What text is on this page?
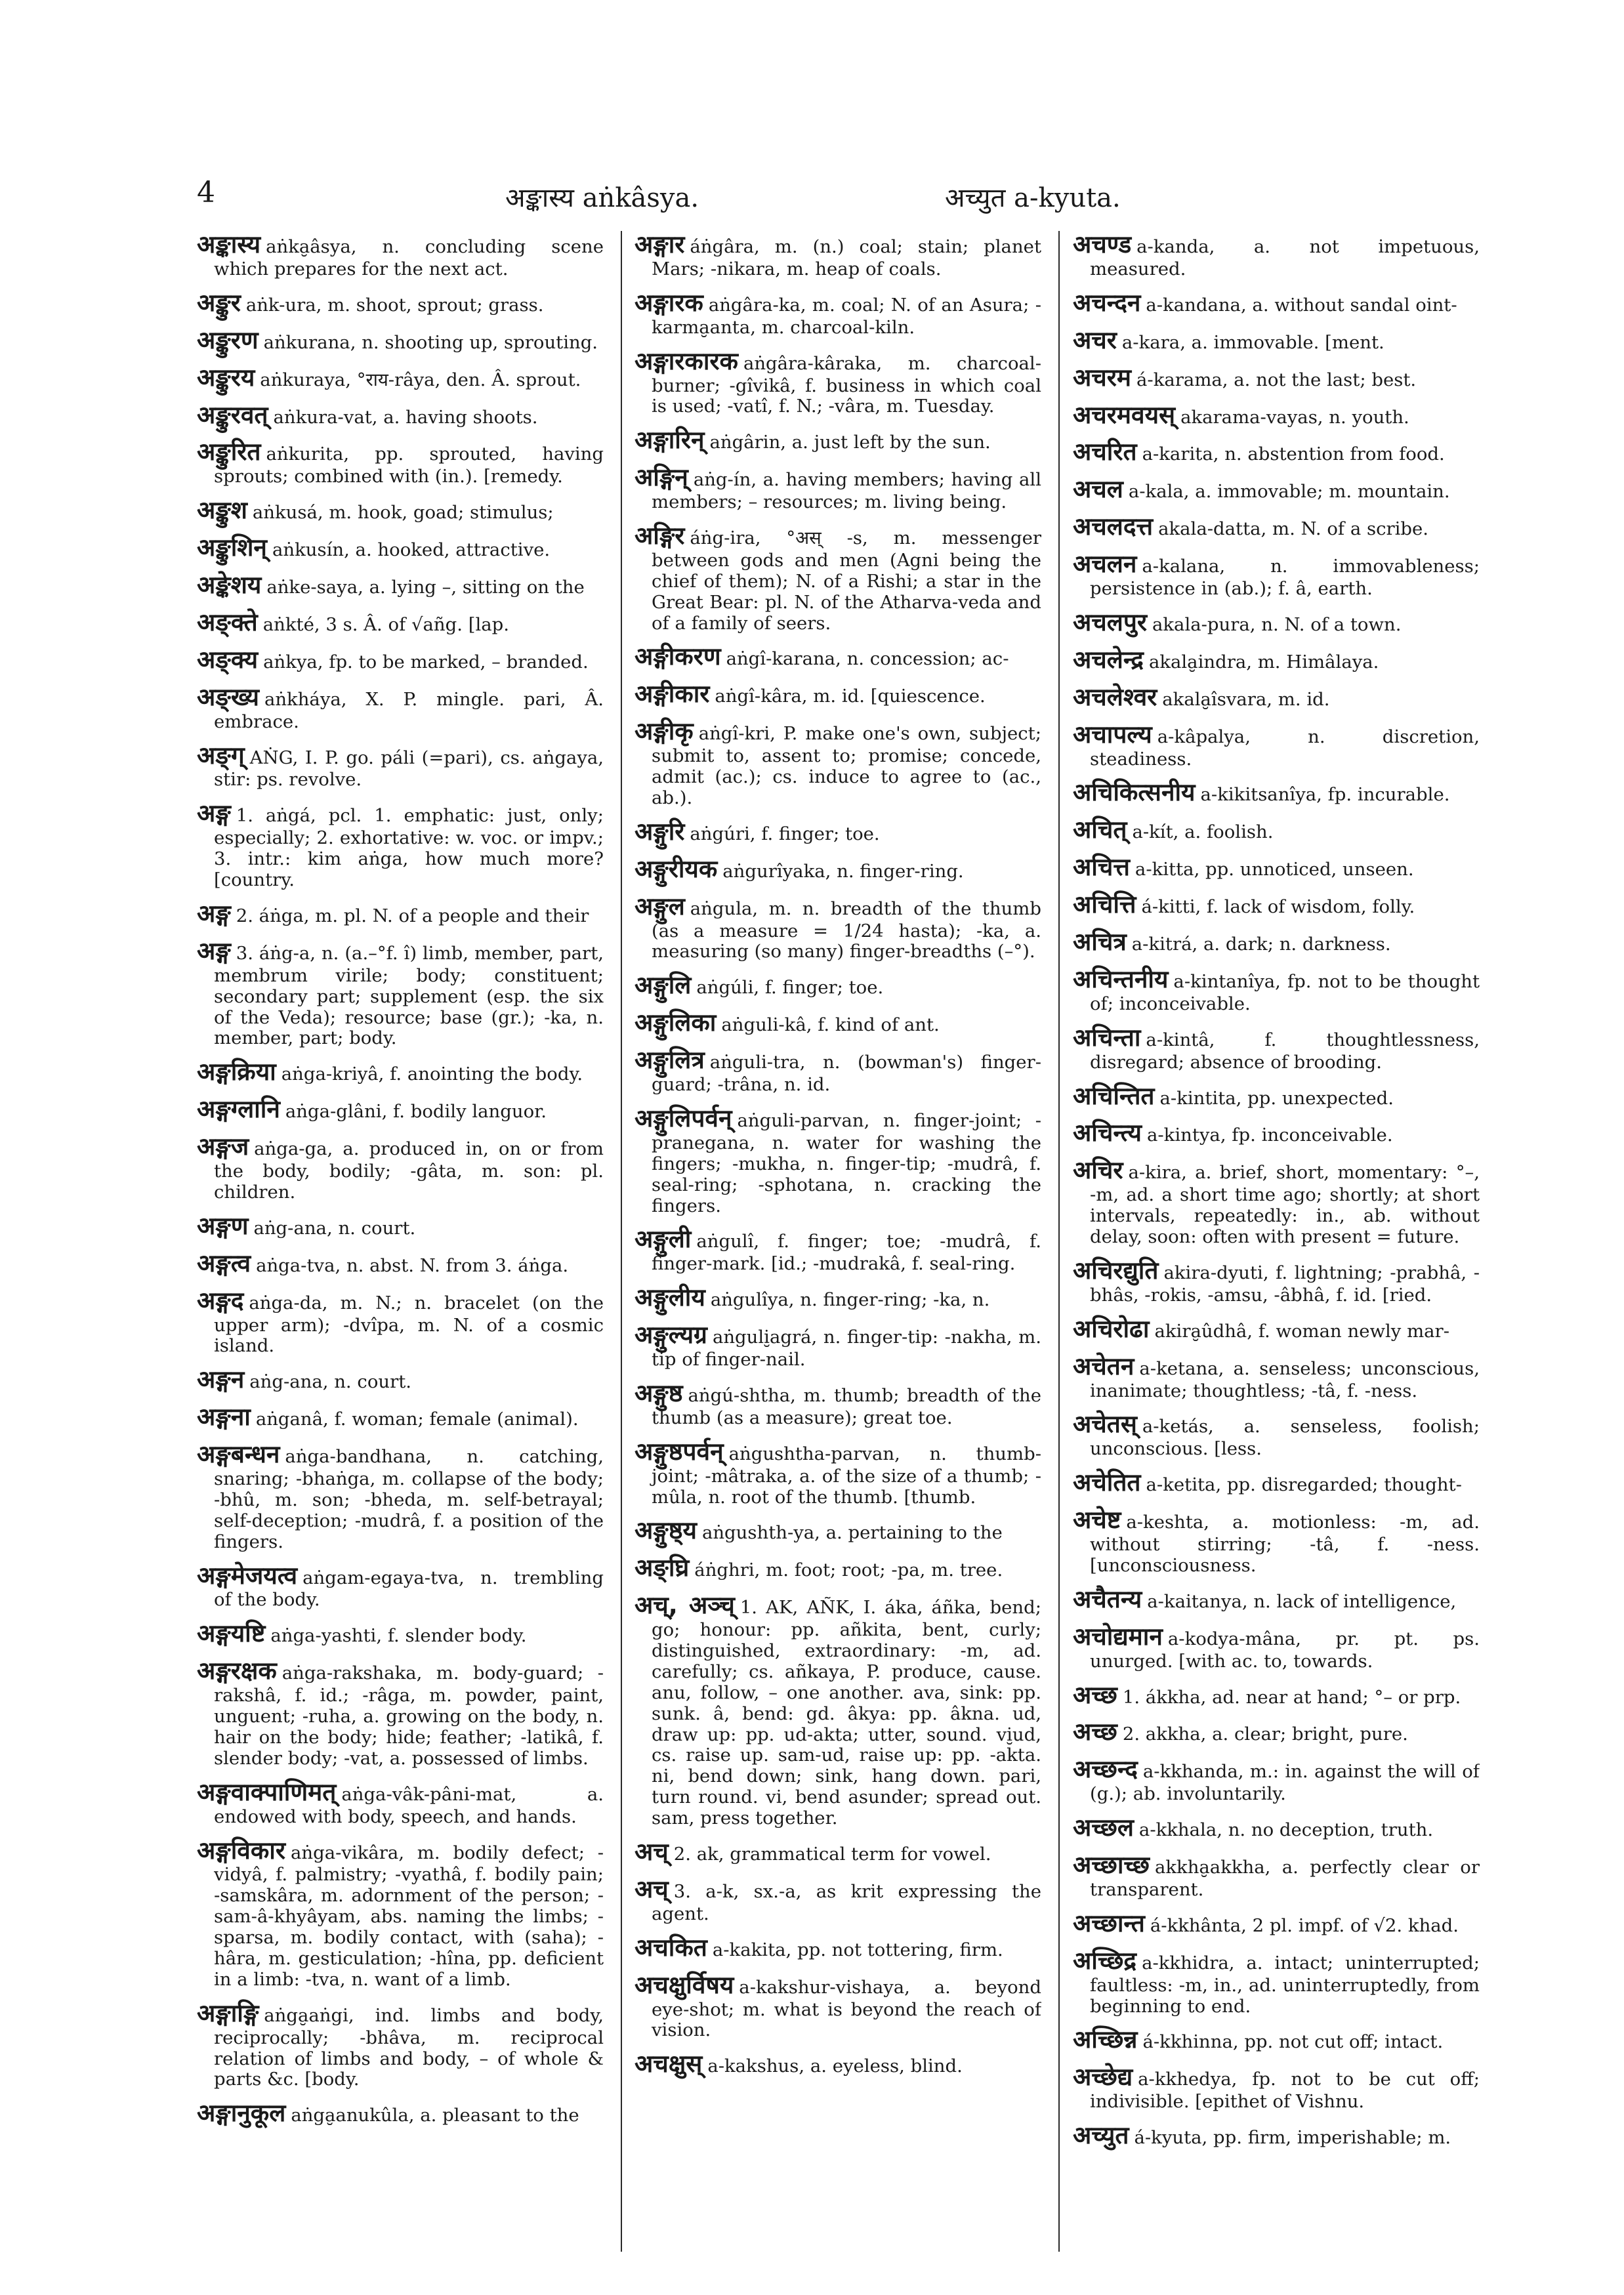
4	अङ्कास्य aṅkâsya.	अच्युत a-kyuta.

अङ्कास्य aṅka̮âsya, n. concluding scene which prepares for the next act.

अङ्कुर aṅk-ura, m. shoot, sprout; grass.

अङ्कुरण aṅkurana, n. shooting up, sprouting.

अङ्कुरय aṅkuraya, °राय-râya, den. Â. sprout.

अङ्कुरवत् aṅkura-vat, a. having shoots.

अङ्कुरित aṅkurita, pp. sprouted, having sprouts; combined with (in.). [remedy.

अङ्कुश aṅkusá, m. hook, goad; stimulus;

अङ्कुशिन् aṅkusín, a. hooked, attractive.

अङ्केशय aṅke-saya, a. lying –, sitting on the

अङ्क्ते aṅkté, 3 s. Â. of √añg. [lap.

अङ्क्य aṅkya, fp. to be marked, – branded.

अङ्ख्य aṅkháya, X. P. mingle. pari, Â. embrace.

अङ्ग् AṄG, I. P. go. páli (=pari), cs. aṅgaya, stir: ps. revolve.

अङ्ग 1. aṅgá, pcl. 1. emphatic: just, only; especially; 2. exhortative: w. voc. or impv.; 3. intr.: kim aṅga, how much more? [country.

अङ्ग 2. áṅga, m. pl. N. of a people and their

अङ्ग 3. áṅg-a, n. (a.–°f. î) limb, member, part, membrum virile; body; constituent; secondary part; supplement (esp. the six of the Veda); resource; base (gr.); -ka, n. member, part; body.

अङ्गक्रिया aṅga-kriyâ, f. anointing the body.

अङ्गग्लानि aṅga-glâni, f. bodily languor.

अङ्गज aṅga-ga, a. produced in, on or from the body, bodily; -gâta, m. son: pl. children.

अङ्गण aṅg-ana, n. court.

अङ्गत्व aṅga-tva, n. abst. N. from 3. áṅga.

अङ्गद aṅga-da, m. N.; n. bracelet (on the upper arm); -dvîpa, m. N. of a cosmic island.

अङ्गन aṅg-ana, n. court.

अङ्गना aṅganâ, f. woman; female (animal).

अङ्गबन्धन aṅga-bandhana, n. catching, snaring; -bhaṅga, m. collapse of the body; -bhû, m. son; -bheda, m. self-betrayal; self-deception; -mudrâ, f. a position of the fingers.

अङ्गमेजयत्व aṅgam-egaya-tva, n. trembling of the body.

अङ्गयष्टि aṅga-yashti, f. slender body.

अङ्गरक्षक aṅga-rakshaka, m. body-guard; -rakshâ, f. id.; -râga, m. powder, paint, unguent; -ruha, a. growing on the body, n. hair on the body; hide; feather; -latikâ, f. slender body; -vat, a. possessed of limbs.

अङ्गवाक्पाणिमत् aṅga-vâk-pâni-mat, a. endowed with body, speech, and hands.

अङ्गविकार aṅga-vikâra, m. bodily defect; -vidyâ, f. palmistry; -vyathâ, f. bodily pain; -samskâra, m. adornment of the person; -sam-â-khyâyam, abs. naming the limbs; -sparsa, m. bodily contact, with (saha); -hâra, m. gesticulation; -hîna, pp. deficient in a limb: -tva, n. want of a limb.

अङ्गाङ्गि aṅga̮aṅgi, ind. limbs and body, reciprocally; -bhâva, m. reciprocal relation of limbs and body, – of whole & parts &c. [body.

अङ्गानुकूल aṅga̮anukûla, a. pleasant to the

अङ्गार áṅgâra, m. (n.) coal; stain; planet Mars; -nikara, m. heap of coals.

अङ्गारक aṅgâra-ka, m. coal; N. of an Asura; -karma̮anta, m. charcoal-kiln.

अङ्गारकारक aṅgâra-kâraka, m. charcoal-burner; -gîvikâ, f. business in which coal is used; -vatî, f. N.; -vâra, m. Tuesday.

अङ्गारिन् aṅgârin, a. just left by the sun.

अङ्गिन् aṅg-ín, a. having members; having all members; – resources; m. living being.

अङ्गिर áṅg-ira, °अस् -s, m. messenger between gods and men (Agni being the chief of them); N. of a Rishi; a star in the Great Bear: pl. N. of the Atharva-veda and of a family of seers.

अङ्गीकरण aṅgî-karana, n. concession; ac-

अङ्गीकार aṅgî-kâra, m. id. [quiescence.

अङ्गीकृ aṅgî-kri, P. make one's own, subject; submit to, assent to; promise; concede, admit (ac.); cs. induce to agree to (ac., ab.).

अङ्गुरि aṅgúri, f. finger; toe.

अङ्गुरीयक aṅgurîyaka, n. finger-ring.

अङ्गुल aṅgula, m. n. breadth of the thumb (as a measure = 1/24 hasta); -ka, a. measuring (so many) finger-breadths (–°).

अङ्गुलि aṅgúli, f. finger; toe.

अङ्गुलिका aṅguli-kâ, f. kind of ant.

अङ्गुलित्र aṅguli-tra, n. (bowman's) finger-guard; -trâna, n. id.

अङ्गुलिपर्वन् aṅguli-parvan, n. finger-joint; -pranegana, n. water for washing the fingers; -mukha, n. finger-tip; -mudrâ, f. seal-ring; -sphotana, n. cracking the fingers.

अङ्गुली aṅgulî, f. finger; toe; -mudrâ, f. finger-mark. [id.; -mudrakâ, f. seal-ring.

अङ्गुलीय aṅgulîya, n. finger-ring; -ka, n.

अङ्गुल्यग्र aṅguli̮agrá, n. finger-tip: -nakha, m. tip of finger-nail.

अङ्गुष्ठ aṅgú-shtha, m. thumb; breadth of the thumb (as a measure); great toe.

अङ्गुष्ठपर्वन् aṅgushtha-parvan, n. thumb-joint; -mâtraka, a. of the size of a thumb; -mûla, n. root of the thumb. [thumb.

अङ्गुष्ठ्य aṅgushth-ya, a. pertaining to the

अङ्घ्रि áṅghri, m. foot; root; -pa, m. tree.

अच्, अञ्च् 1. AK, AÑK, I. áka, áñka, bend; go; honour: pp. añkita, bent, curly; distinguished, extraordinary: -m, ad. carefully; cs. añkaya, P. produce, cause. anu, follow, – one another. ava, sink: pp. sunk. â, bend: gd. âkya: pp. âkna. ud, draw up: pp. ud-akta; utter, sound. vi̮ud, cs. raise up. sam-ud, raise up: pp. -akta. ni, bend down; sink, hang down. pari, turn round. vi, bend asunder; spread out. sam, press together.

अच् 2. ak, grammatical term for vowel.

अच् 3. a-k, sx.-a, as krit expressing the agent.

अचकित a-kakita, pp. not tottering, firm.

अचक्षुर्विषय a-kakshur-vishaya, a. beyond eye-shot; m. what is beyond the reach of vision.

अचक्षुस् a-kakshus, a. eyeless, blind.

अचण्ड a-kanda, a. not impetuous, measured.

अचन्दन a-kandana, a. without sandal oint-

अचर a-kara, a. immovable. [ment.

अचरम á-karama, a. not the last; best.

अचरमवयस् akarama-vayas, n. youth.

अचरित a-karita, n. abstention from food.

अचल a-kala, a. immovable; m. mountain.

अचलदत्त akala-datta, m. N. of a scribe.

अचलन a-kalana, n. immovableness; persistence in (ab.); f. â, earth.

अचलपुर akala-pura, n. N. of a town.

अचलेन्द्र akala̮indra, m. Himâlaya.

अचलेश्वर akala̮îsvara, m. id.

अचापल्य a-kâpalya, n. discretion, steadiness.

अचिकित्सनीय a-kikitsanîya, fp. incurable.

अचित् a-kít, a. foolish.

अचित्त a-kitta, pp. unnoticed, unseen.

अचित्ति á-kitti, f. lack of wisdom, folly.

अचित्र a-kitrá, a. dark; n. darkness.

अचिन्तनीय a-kintanîya, fp. not to be thought of; inconceivable.

अचिन्ता a-kintâ, f. thoughtlessness, disregard; absence of brooding.

अचिन्तित a-kintita, pp. unexpected.

अचिन्त्य a-kintya, fp. inconceivable.

अचिर a-kira, a. brief, short, momentary: °–, -m, ad. a short time ago; shortly; at short intervals, repeatedly: in., ab. without delay, soon: often with present = future.

अचिरद्युति akira-dyuti, f. lightning; -prabhâ, -bhâs, -rokis, -amsu, -âbhâ, f. id. [ried.

अचिरोढा akira̮ûdhâ, f. woman newly mar-

अचेतन a-ketana, a. senseless; unconscious, inanimate; thoughtless; -tâ, f. -ness.

अचेतस् a-ketás, a. senseless, foolish; unconscious. [less.

अचेतित a-ketita, pp. disregarded; thought-

अचेष्ट a-keshta, a. motionless: -m, ad. without stirring; -tâ, f. -ness. [unconsciousness.

अचैतन्य a-kaitanya, n. lack of intelligence,

अचोद्यमान a-kodya-mâna, pr. pt. ps. unurged. [with ac. to, towards.

अच्छ 1. ákkha, ad. near at hand; °– or prp.

अच्छ 2. akkha, a. clear; bright, pure.

अच्छन्द a-kkhanda, m.: in. against the will of (g.); ab. involuntarily.

अच्छल a-kkhala, n. no deception, truth.

अच्छाच्छ akkha̮akkha, a. perfectly clear or transparent.

अच्छान्त á-kkhânta, 2 pl. impf. of √2. khad.

अच्छिद्र a-kkhidra, a. intact; uninterrupted; faultless: -m, in., ad. uninterruptedly, from beginning to end.

अच्छिन्न á-kkhinna, pp. not cut off; intact.

अच्छेद्य a-kkhedya, fp. not to be cut off; indivisible. [epithet of Vishnu.

अच्युत á-kyuta, pp. firm, imperishable; m.
